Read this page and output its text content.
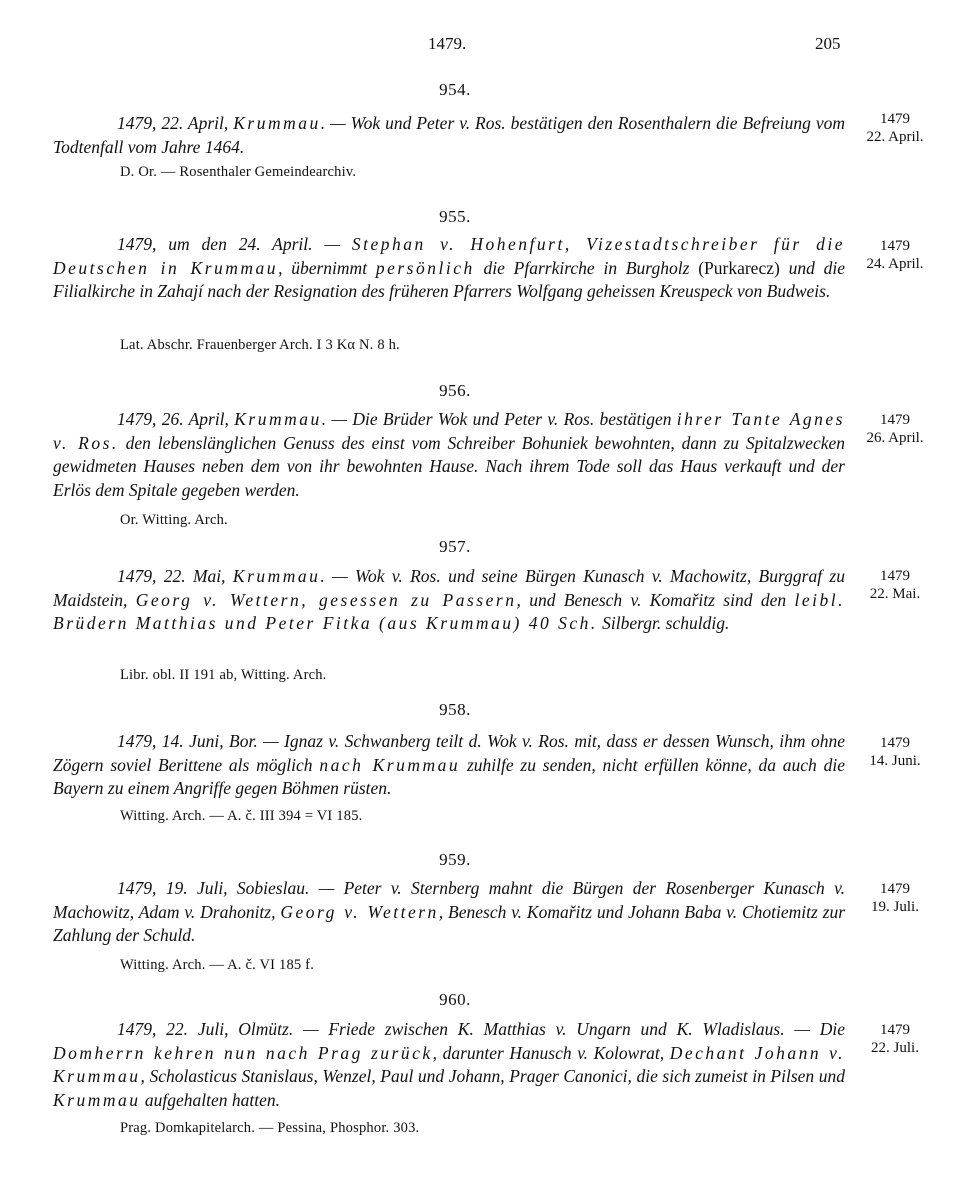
1479.	205
954.
1479, 22. April, Krummau. — Wok und Peter v. Ros. bestätigen den Rosenthalern die Befreiung vom Todtenfall vom Jahre 1464.
D. Or. — Rosenthaler Gemeindearchiv.
1479
22. April.
955.
1479, um den 24. April. — Stephan v. Hohenfurt, Vizestadtschreiber für die Deutschen in Krummau, übernimmt persönlich die Pfarrkirche in Burgholz (Purkarecz) und die Filialkirche in Zahají nach der Resignation des früheren Pfarrers Wolfgang geheissen Kreuspeck von Budweis.
Lat. Abschr. Frauenberger Arch. I 3 Kα N. 8 h.
1479
24. April.
956.
1479, 26. April, Krummau. — Die Brüder Wok und Peter v. Ros. bestätigen ihrer Tante Agnes v. Ros. den lebenslänglichen Genuss des einst vom Schreiber Bohuniek bewohnten, dann zu Spitalzwecken gewidmeten Hauses neben dem von ihr bewohnten Hause. Nach ihrem Tode soll das Haus verkauft und der Erlös dem Spitale gegeben werden.
Or. Witting. Arch.
1479
26. April.
957.
1479, 22. Mai, Krummau. — Wok v. Ros. und seine Bürgen Kunasch v. Machowitz, Burggraf zu Maidstein, Georg v. Wettern, gesessen zu Passern, und Benesch v. Komařitz sind den leibl. Brüdern Matthias und Peter Fitka (aus Krummau) 40 Sch. Silbergr. schuldig.
Libr. obl. II 191 ab, Witting. Arch.
1479
22. Mai.
958.
1479, 14. Juni, Bor. — Ignaz v. Schwanberg teilt d. Wok v. Ros. mit, dass er dessen Wunsch, ihm ohne Zögern soviel Berittene als möglich nach Krummau zuhilfe zu senden, nicht erfüllen könne, da auch die Bayern zu einem Angriffe gegen Böhmen rüsten.
Witting. Arch. — A. č. III 394 = VI 185.
1479
14. Juni.
959.
1479, 19. Juli, Sobieslau. — Peter v. Sternberg mahnt die Bürgen der Rosenberger Kunasch v. Machowitz, Adam v. Drahonitz, Georg v. Wettern, Benesch v. Komařitz und Johann Baba v. Chotiemitz zur Zahlung der Schuld.
Witting. Arch. — A. č. VI 185 f.
1479
19. Juli.
960.
1479, 22. Juli, Olmütz. — Friede zwischen K. Matthias v. Ungarn und K. Wladislaus. — Die Domherrn kehren nun nach Prag zurück, darunter Hanusch v. Kolowrat, Dechant Johann v. Krummau, Scholasticus Stanislaus, Wenzel, Paul und Johann, Prager Canonici, die sich zumeist in Pilsen und Krummau aufgehalten hatten.
Prag. Domkapitelarch. — Pessina, Phosphor. 303.
1479
22. Juli.
